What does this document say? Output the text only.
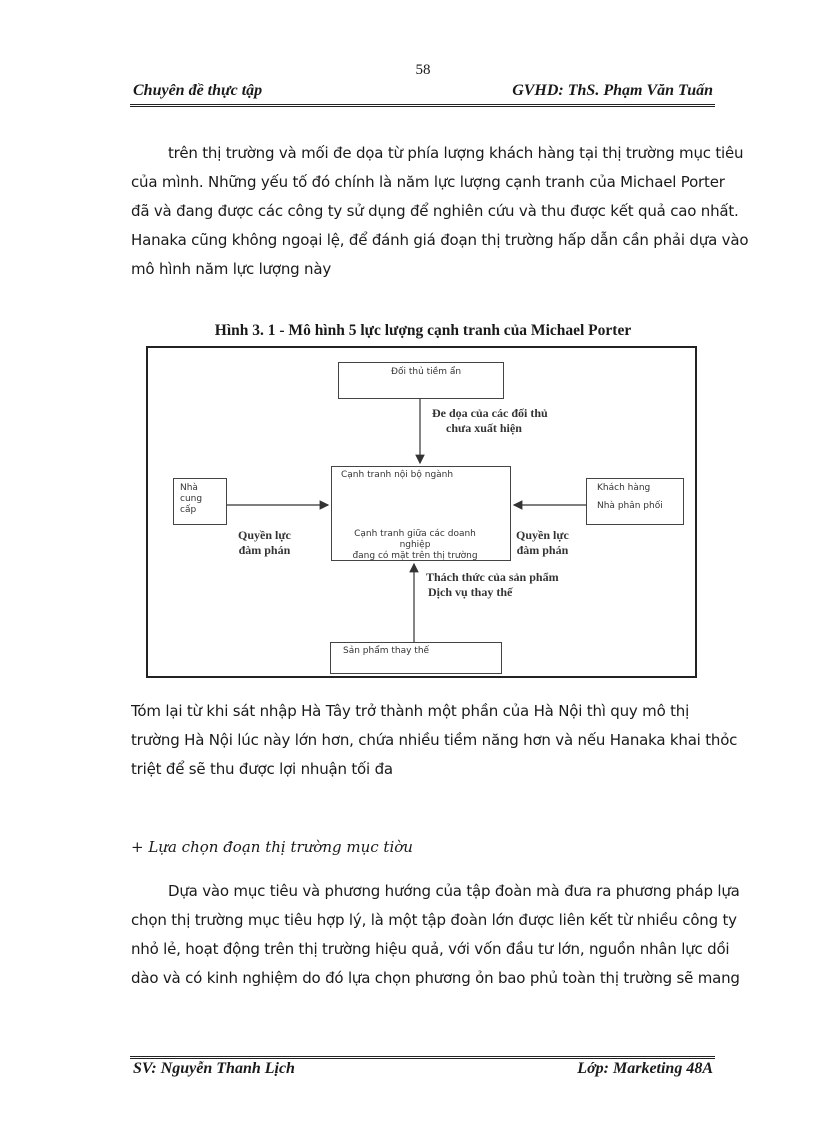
58
Chuyên đề thực tập	GVHD: ThS. Phạm Văn Tuấn
trên thị trường và mối đe dọa từ phía lượng khách hàng tại thị trường mục tiêu
của mình. Những yếu tố đó chính là năm lực lượng cạnh tranh của Michael Porter
đã và đang được các công ty sử dụng để nghiên cứu và thu được kết quả cao nhất.
Hanaka cũng không ngoại lệ, để đánh giá đoạn thị trường hấp dẫn cần phải dựa vào
mô hình năm lực lượng này
Hình 3. 1 - Mô hình 5 lực lượng cạnh tranh của Michael Porter
Đối thủ tiềm ẩn
Đe dọa của các đối thủ
chưa xuất hiện
Cạnh tranh nội bộ ngành
Cạnh tranh giữa các doanh nghiệp
đang có mặt trên thị trường
Nhà
cung
cấp
Quyền lực
đàm phán
Khách hàng
Nhà phân phối
Quyền lực
đàm phán
Thách thức của sản phẩm
Dịch vụ thay thế
Sản phẩm thay thế
Tóm lại từ khi sát nhập Hà Tây trở thành một phần của Hà Nội thì quy mô thị
trường Hà Nội lúc này lớn hơn, chứa nhiều tiềm năng hơn và nếu Hanaka khai thỏc
triệt để sẽ thu được lợi nhuận tối đa
+ Lựa chọn đoạn thị trường mục tiờu
Dựa vào mục tiêu và phương hướng của tập đoàn mà đưa ra phương pháp lựa
chọn thị trường mục tiêu hợp lý, là một tập đoàn lớn được liên kết từ nhiều công ty
nhỏ lẻ, hoạt động trên thị trường hiệu quả, với vốn đầu tư lớn, nguồn nhân lực dồi
dào và có kinh nghiệm do đó lựa chọn phương ỏn bao phủ toàn thị trường sẽ mang
SV: Nguyễn Thanh Lịch	Lớp: Marketing 48A
